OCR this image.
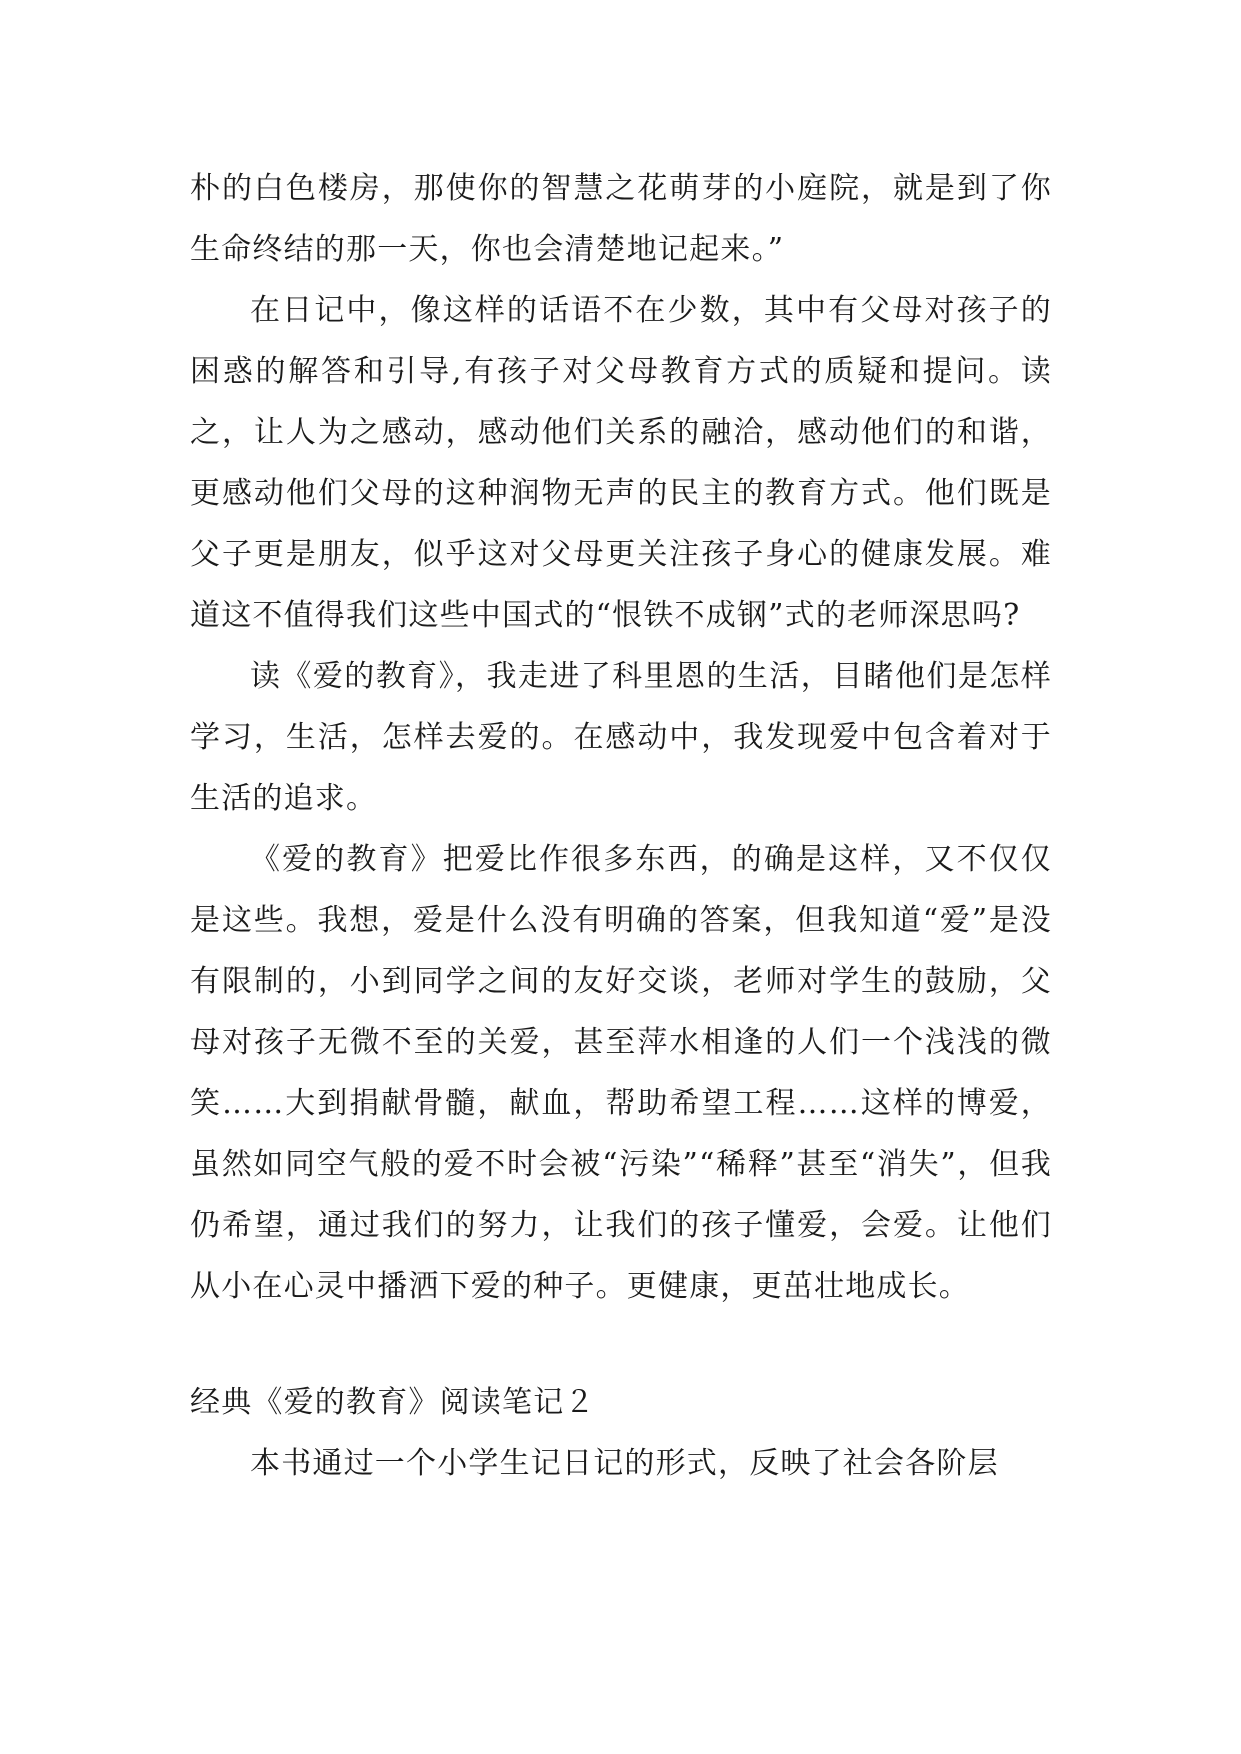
朴的白色楼房，那使你的智慧之花萌芽的小庭院，就是到了你生命终结的那一天，你也会清楚地记起来。”

在日记中，像这样的话语不在少数，其中有父母对孩子的困惑的解答和引导,有孩子对父母教育方式的质疑和提问。读之，让人为之感动，感动他们关系的融洽，感动他们的和谐，更感动他们父母的这种润物无声的民主的教育方式。他们既是父子更是朋友，似乎这对父母更关注孩子身心的健康发展。难道这不值得我们这些中国式的“恨铁不成钢”式的老师深思吗?

读《爱的教育》，我走进了科里恩的生活，目睹他们是怎样学习，生活，怎样去爱的。在感动中，我发现爱中包含着对于生活的追求。

《爱的教育》把爱比作很多东西，的确是这样，又不仅仅是这些。我想，爱是什么没有明确的答案，但我知道“爱”是没有限制的，小到同学之间的友好交谈，老师对学生的鼓励，父母对孩子无微不至的关爱，甚至萍水相逢的人们一个浅浅的微笑……大到捐献骨髓，献血，帮助希望工程……这样的博爱，虽然如同空气般的爱不时会被“污染”“稀释”甚至“消失”，但我仍希望，通过我们的努力，让我们的孩子懂爱，会爱。让他们从小在心灵中播洒下爱的种子。更健康，更茁壮地成长。

经典《爱的教育》阅读笔记２

本书通过一个小学生记日记的形式，反映了社会各阶层
